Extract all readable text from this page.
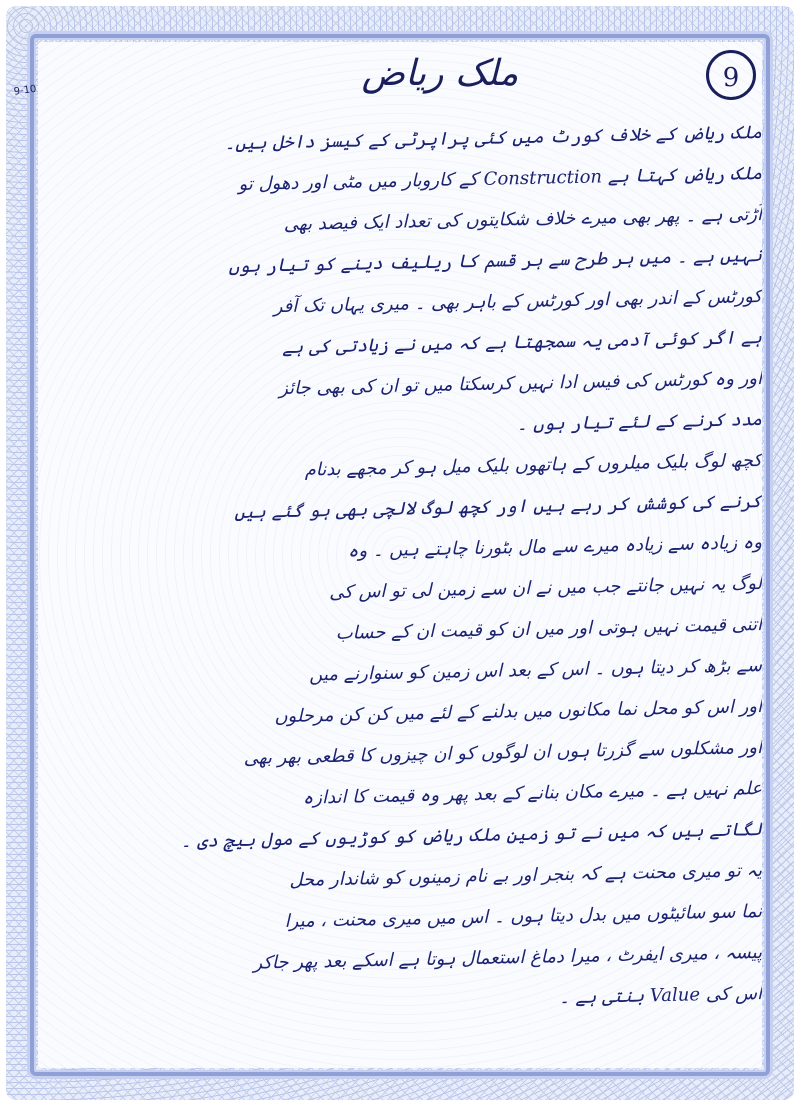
9-10	ملک ریاض	9
ملک ریاض کے خلاف کورٹ میں کئی پراپرٹی کے کیسز داخل ہیں۔
ملک ریاض کہتا ہے Construction کے کاروبار میں مٹی اور دھول تو
اُڑتی ہے ۔ پھر بھی میرے خلاف شکایتوں کی تعداد ایک فیصد بھی
نہیں ہے ۔ میں ہر طرح سے ہر قسم کا ریلیف دینے کو تیار ہوں
کورٹس کے اندر بھی اور کورٹس کے باہر بھی ۔ میری یہاں تک آفر
ہے اگر کوئی آدمی یہ سمجھتا ہے کہ میں نے زیادتی کی ہے
اور وہ کورٹس کی فیس ادا نہیں کرسکتا میں تو ان کی بھی جائز
مدد کرنے کے لئے تیار ہوں ۔
کچھ لوگ بلیک میلروں کے ہاتھوں بلیک میل ہو کر مجھے بدنام
کرنے کی کوشش کر رہے ہیں اور کچھ لوگ لالچی بھی ہو گئے ہیں
وہ زیادہ سے زیادہ میرے سے مال بٹورنا چاہتے ہیں ۔ وہ
لوگ یہ نہیں جانتے جب میں نے ان سے زمین لی تو اس کی
اتنی قیمت نہیں ہوتی اور میں ان کو قیمت ان کے حساب
سے بڑھ کر دیتا ہوں ۔ اس کے بعد اس زمین کو سنوارنے میں
اور اس کو محل نما مکانوں میں بدلنے کے لئے میں کن کن مرحلوں
اور مشکلوں سے گزرتا ہوں ان لوگوں کو ان چیزوں کا قطعی بھر بھی
علم نہیں ہے ۔ میرے مکان بنانے کے بعد پھر وہ قیمت کا اندازہ
لگاتے ہیں کہ میں نے تو زمین ملک ریاض کو کوڑیوں کے مول بیچ دی ۔
یہ تو میری محنت ہے کہ بنجر اور بے نام زمینوں کو شاندار محل
نما سو سائیٹوں میں بدل دیتا ہوں ۔ اس میں میری محنت ، میرا
پیسہ ، میری ایفرٹ ، میرا دماغ استعمال ہوتا ہے اسکے بعد پھر جاکر
اس کی Value بنتی ہے ۔
